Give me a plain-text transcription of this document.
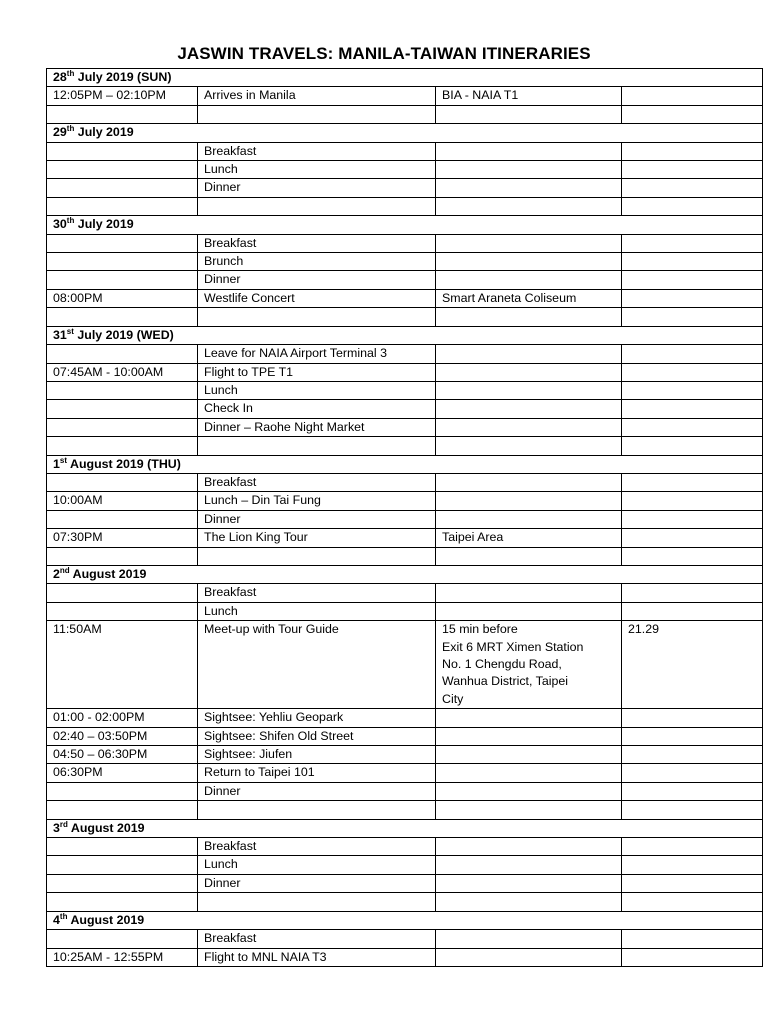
JASWIN TRAVELS: MANILA-TAIWAN ITINERARIES
28th July 2019 (SUN)			
12:05PM – 02:10PM	Arrives in Manila	BIA - NAIA T1	

29th July 2019			
	Breakfast	

	Lunch	

	Dinner	

30th July 2019			
	Breakfast	

	Brunch	

	Dinner	

08:00PM	Westlife Concert	Smart Araneta Coliseum	

31st July 2019 (WED)			
	Leave for NAIA Airport Terminal 3	

07:45AM - 10:00AM	Flight to TPE T1	

	Lunch	

	Check In	

	Dinner – Raohe Night Market	

1st August 2019 (THU)			
	Breakfast	

10:00AM	Lunch – Din Tai Fung	

	Dinner	

07:30PM	The Lion King Tour	Taipei Area	

2nd August 2019			
	Breakfast	

	Lunch	

11:50AM	Meet-up with Tour Guide	15 min before
Exit 6 MRT Ximen Station
No. 1 Chengdu Road,
Wanhua District, Taipei
City	21.29
01:00 - 02:00PM	Sightsee: Yehliu Geopark	

02:40 – 03:50PM	Sightsee: Shifen Old Street	

04:50 – 06:30PM	Sightsee: Jiufen	

06:30PM	Return to Taipei 101	

	Dinner	

3rd August 2019			
	Breakfast	

	Lunch	

	Dinner	

4th August 2019			
	Breakfast	

10:25AM - 12:55PM	Flight to MNL NAIA T3	
